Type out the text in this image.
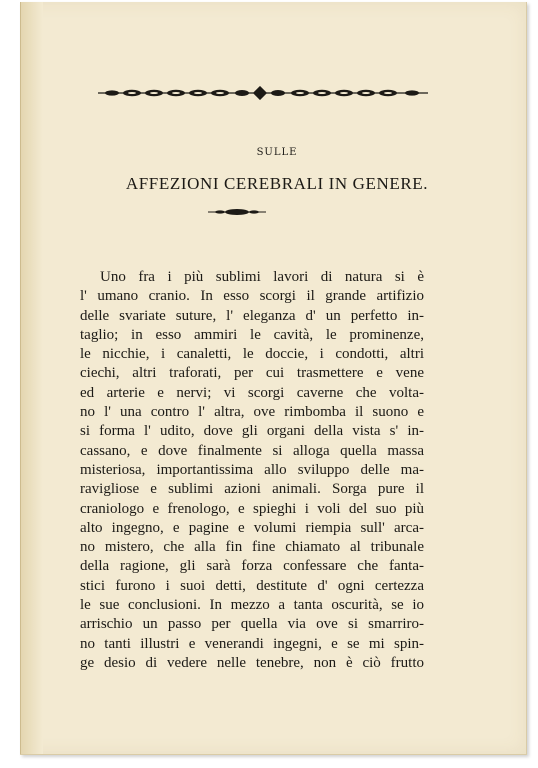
SULLE
AFFEZIONI CEREBRALI IN GENERE.
Uno fra i più sublimi lavori di natura si è
l' umano cranio. In esso scorgi il grande artifizio
delle svariate suture, l' eleganza d' un perfetto in-
taglio; in esso ammiri le cavità, le prominenze,
le nicchie, i canaletti, le doccie, i condotti, altri
ciechi, altri traforati, per cui trasmettere e vene
ed arterie e nervi; vi scorgi caverne che volta-
no l' una contro l' altra, ove rimbomba il suono e
si forma l' udito, dove gli organi della vista s' in-
cassano, e dove finalmente si alloga quella massa
misteriosa, importantissima allo sviluppo delle ma-
ravigliose e sublimi azioni animali. Sorga pure il
craniologo e frenologo, e spieghi i voli del suo più
alto ingegno, e pagine e volumi riempia sull' arca-
no mistero, che alla fin fine chiamato al tribunale
della ragione, gli sarà forza confessare che fanta-
stici furono i suoi detti, destitute d' ogni certezza
le sue conclusioni. In mezzo a tanta oscurità, se io
arrischio un passo per quella via ove si smarriro-
no tanti illustri e venerandi ingegni, e se mi spin-
ge desio di vedere nelle tenebre, non è ciò frutto
